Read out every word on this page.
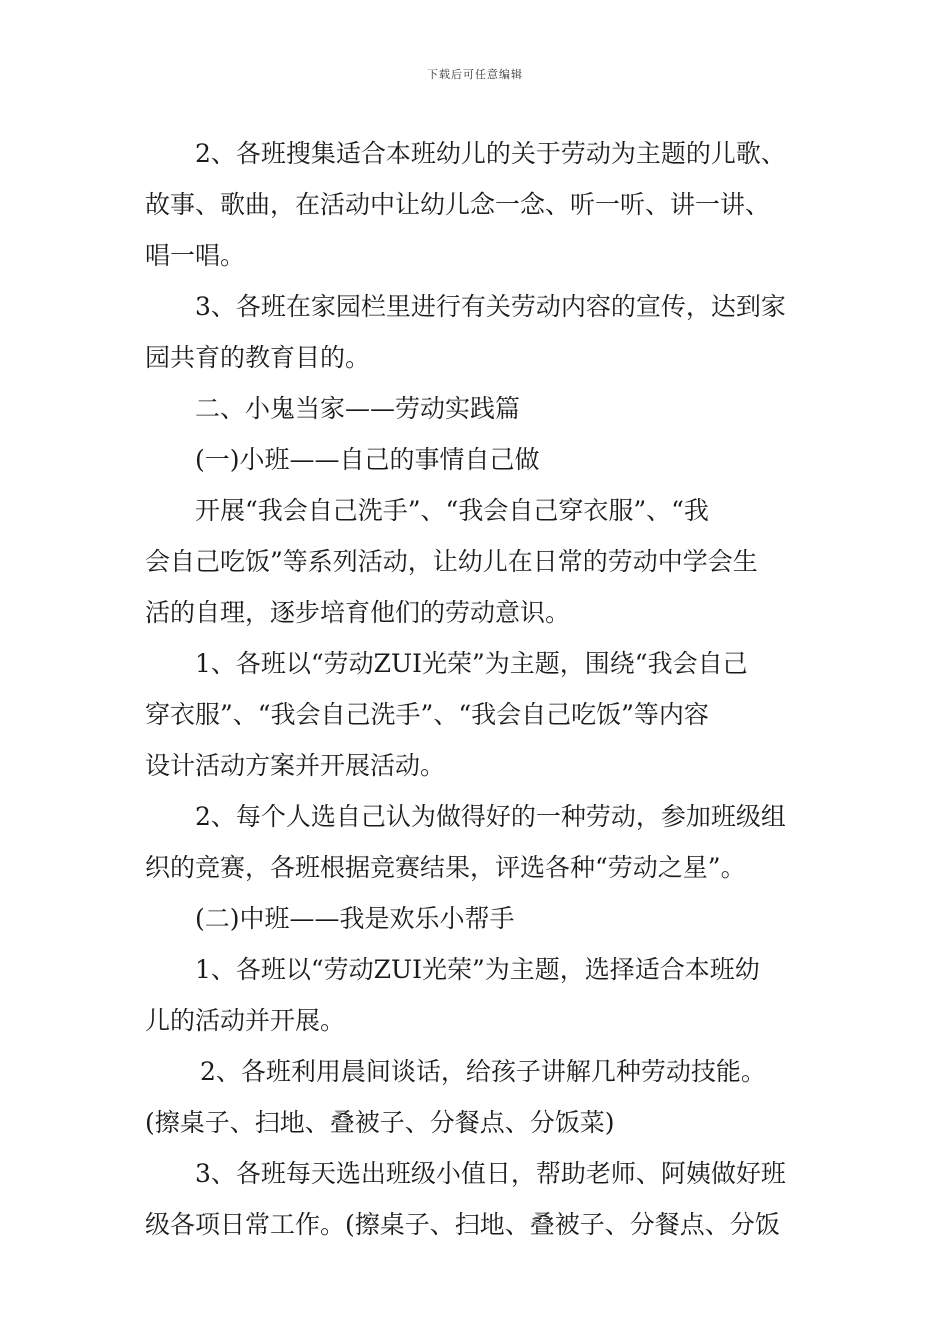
下载后可任意编辑
2、各班搜集适合本班幼儿的关于劳动为主题的儿歌、
故事、歌曲，在活动中让幼儿念一念、听一听、讲一讲、
唱一唱。
3、各班在家园栏里进行有关劳动内容的宣传，达到家
园共育的教育目的。
二、小鬼当家——劳动实践篇
(一)小班——自己的事情自己做
开展“我会自己洗手”、“我会自己穿衣服”、“我
会自己吃饭”等系列活动，让幼儿在日常的劳动中学会生
活的自理，逐步培育他们的劳动意识。
1、各班以“劳动ZUI光荣”为主题，围绕“我会自己
穿衣服”、“我会自己洗手”、“我会自己吃饭”等内容
设计活动方案并开展活动。
2、每个人选自己认为做得好的一种劳动，参加班级组
织的竞赛，各班根据竞赛结果，评选各种“劳动之星”。
(二)中班——我是欢乐小帮手
1、各班以“劳动ZUI光荣”为主题，选择适合本班幼
儿的活动并开展。
2、各班利用晨间谈话，给孩子讲解几种劳动技能。
(擦桌子、扫地、叠被子、分餐点、分饭菜)
3、各班每天选出班级小值日，帮助老师、阿姨做好班
级各项日常工作。(擦桌子、扫地、叠被子、分餐点、分饭
